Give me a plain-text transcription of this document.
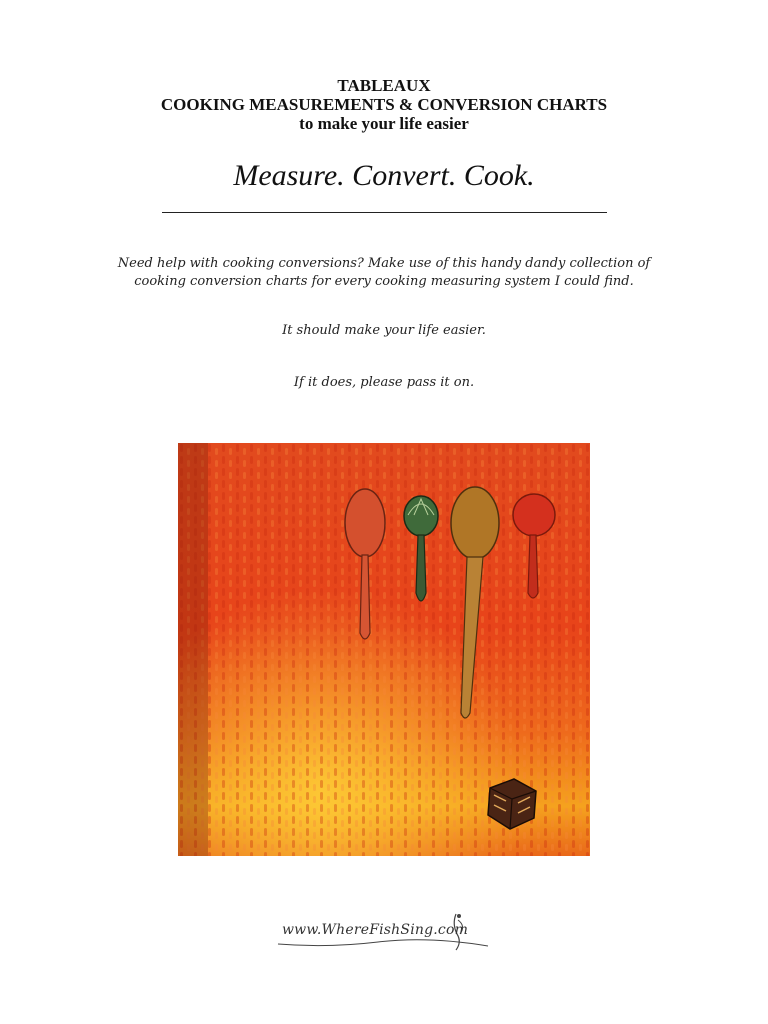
TABLEAUX
COOKING MEASUREMENTS & CONVERSION CHARTS
to make your life easier
Measure. Convert. Cook.
Need help with cooking conversions? Make use of this handy dandy collection of
cooking conversion charts for every cooking measuring system I could find.
It should make your life easier.
If it does, please pass it on.
www.WhereFishSing.com
